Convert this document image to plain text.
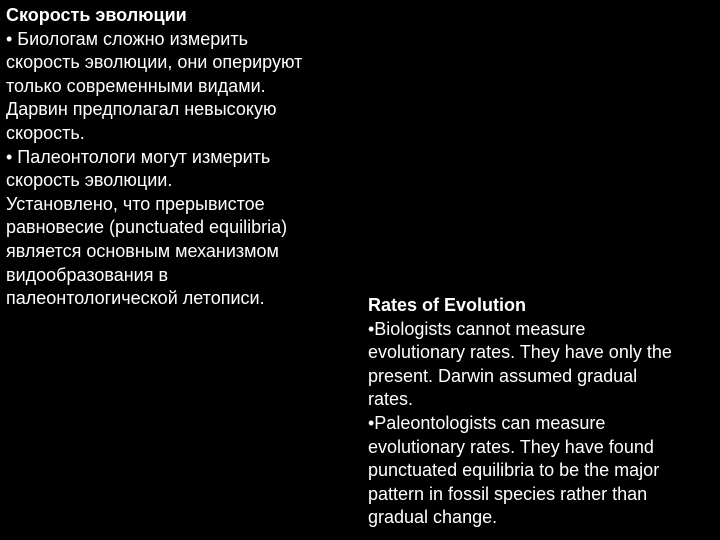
Скорость эволюции
• Биологам сложно измерить
скорость эволюции, они оперируют
только современными видами.
Дарвин предполагал невысокую
скорость.
• Палеонтологи могут измерить
скорость эволюции.
Установлено, что прерывистое
равновесие (punctuated equilibria)
является основным механизмом
видообразования в
палеонтологической летописи.	Rates of Evolution
•Biologists cannot measure
evolutionary rates. They have only the
present. Darwin assumed gradual
rates.
•Paleontologists can measure
evolutionary rates. They have found
punctuated equilibria to be the major
pattern in fossil species rather than
gradual change.
